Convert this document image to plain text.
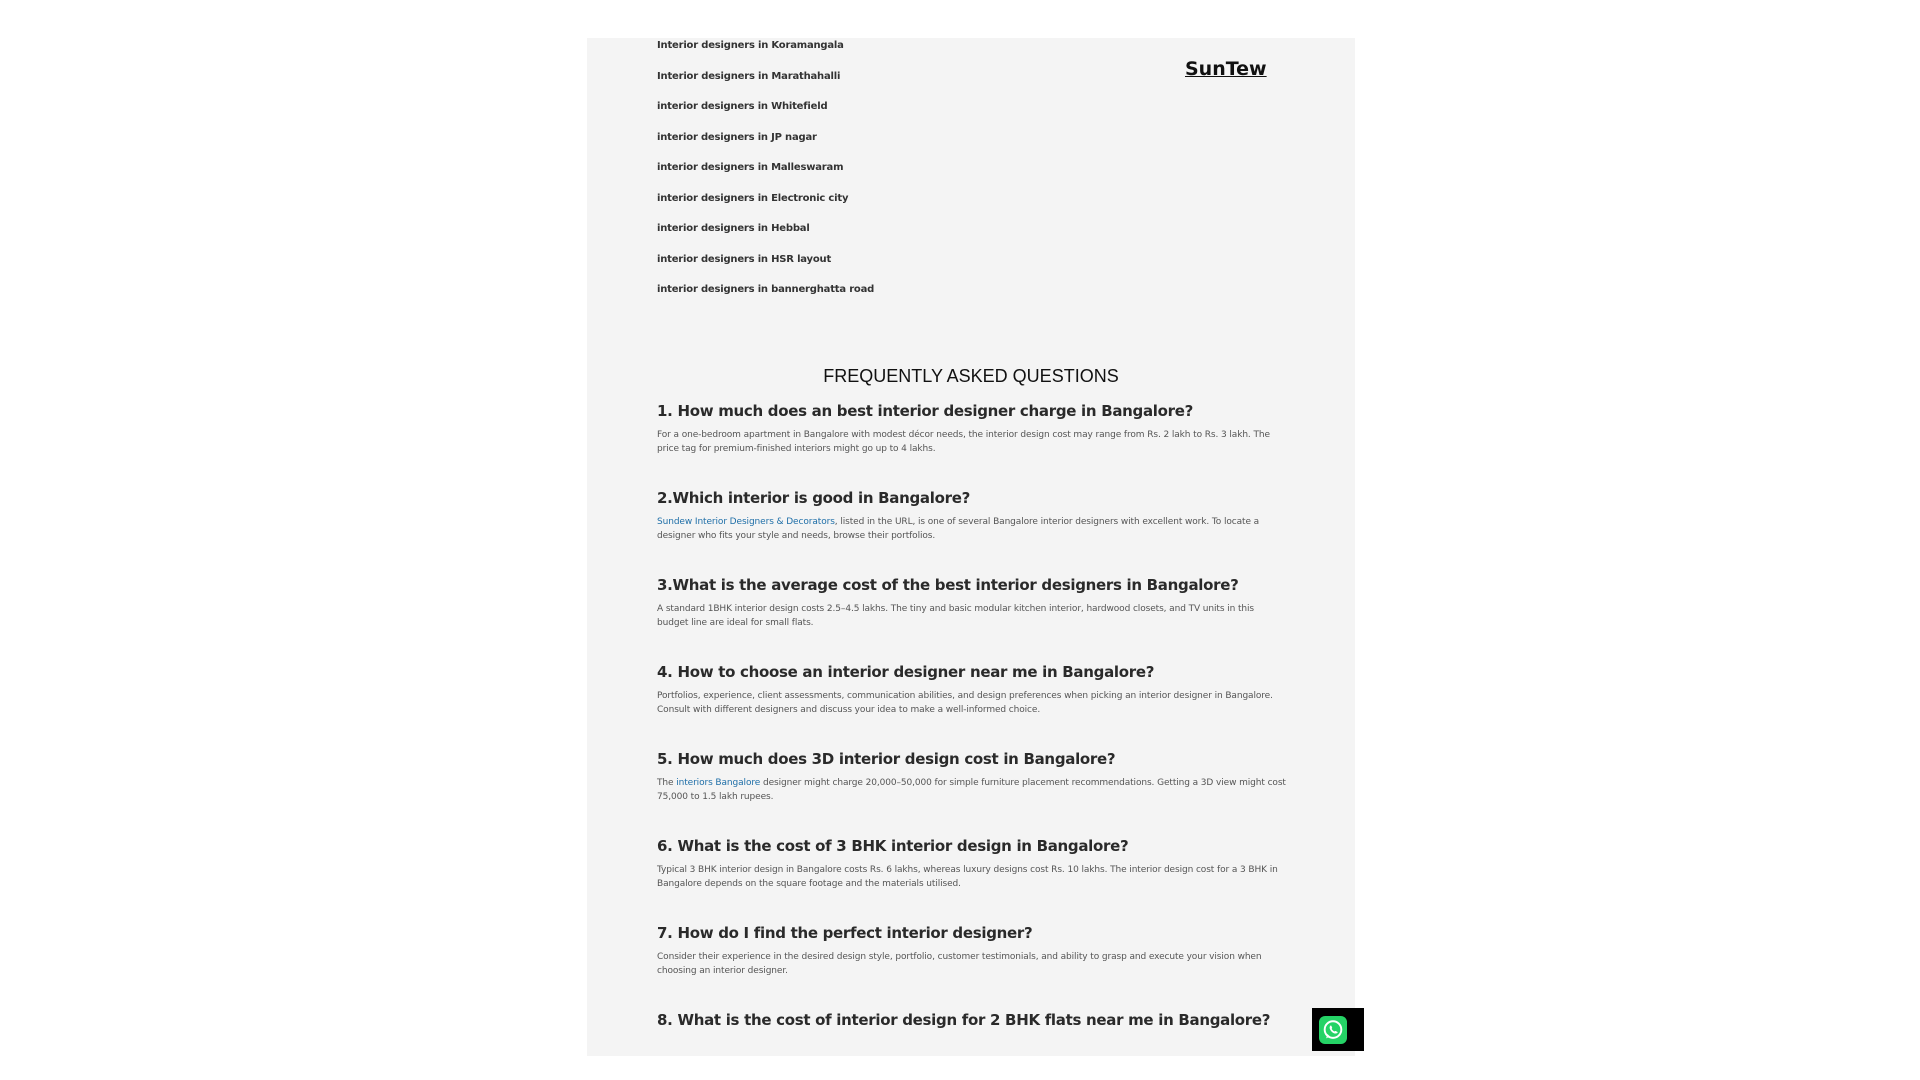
Interior designers in Koramangala
Interior designers in Marathahalli
interior designers in Whitefield
interior designers in JP nagar
interior designers in Malleswaram
interior designers in Electronic city
interior designers in Hebbal
interior designers in HSR layout
interior designers in bannerghatta road
SunTew
FREQUENTLY ASKED QUESTIONS
1. How much does an best interior designer charge in Bangalore?

For a one-bedroom apartment in Bangalore with modest décor needs, the interior design cost may range from Rs. 2 lakh to Rs. 3 lakh. The price tag for premium-finished interiors might go up to 4 lakhs.

2.Which interior is good in Bangalore?

Sundew Interior Designers & Decorators, listed in the URL, is one of several Bangalore interior designers with excellent work. To locate a designer who fits your style and needs, browse their portfolios.

3.What is the average cost of the best interior designers in Bangalore?

A standard 1BHK interior design costs 2.5–4.5 lakhs. The tiny and basic modular kitchen interior, hardwood closets, and TV units in this budget line are ideal for small flats.

4. How to choose an interior designer near me in Bangalore?

Portfolios, experience, client assessments, communication abilities, and design preferences when picking an interior designer in Bangalore. Consult with different designers and discuss your idea to make a well-informed choice.

5. How much does 3D interior design cost in Bangalore?

The interiors Bangalore designer might charge 20,000–50,000 for simple furniture placement recommendations. Getting a 3D view might cost 75,000 to 1.5 lakh rupees.

6. What is the cost of 3 BHK interior design in Bangalore?

Typical 3 BHK interior design in Bangalore costs Rs. 6 lakhs, whereas luxury designs cost Rs. 10 lakhs. The interior design cost for a 3 BHK in Bangalore depends on the square footage and the materials utilised.

7. How do I find the perfect interior designer?

Consider their experience in the desired design style, portfolio, customer testimonials, and ability to grasp and execute your vision when choosing an interior designer.

8. What is the cost of interior design for 2 BHK flats near me in Bangalore?
